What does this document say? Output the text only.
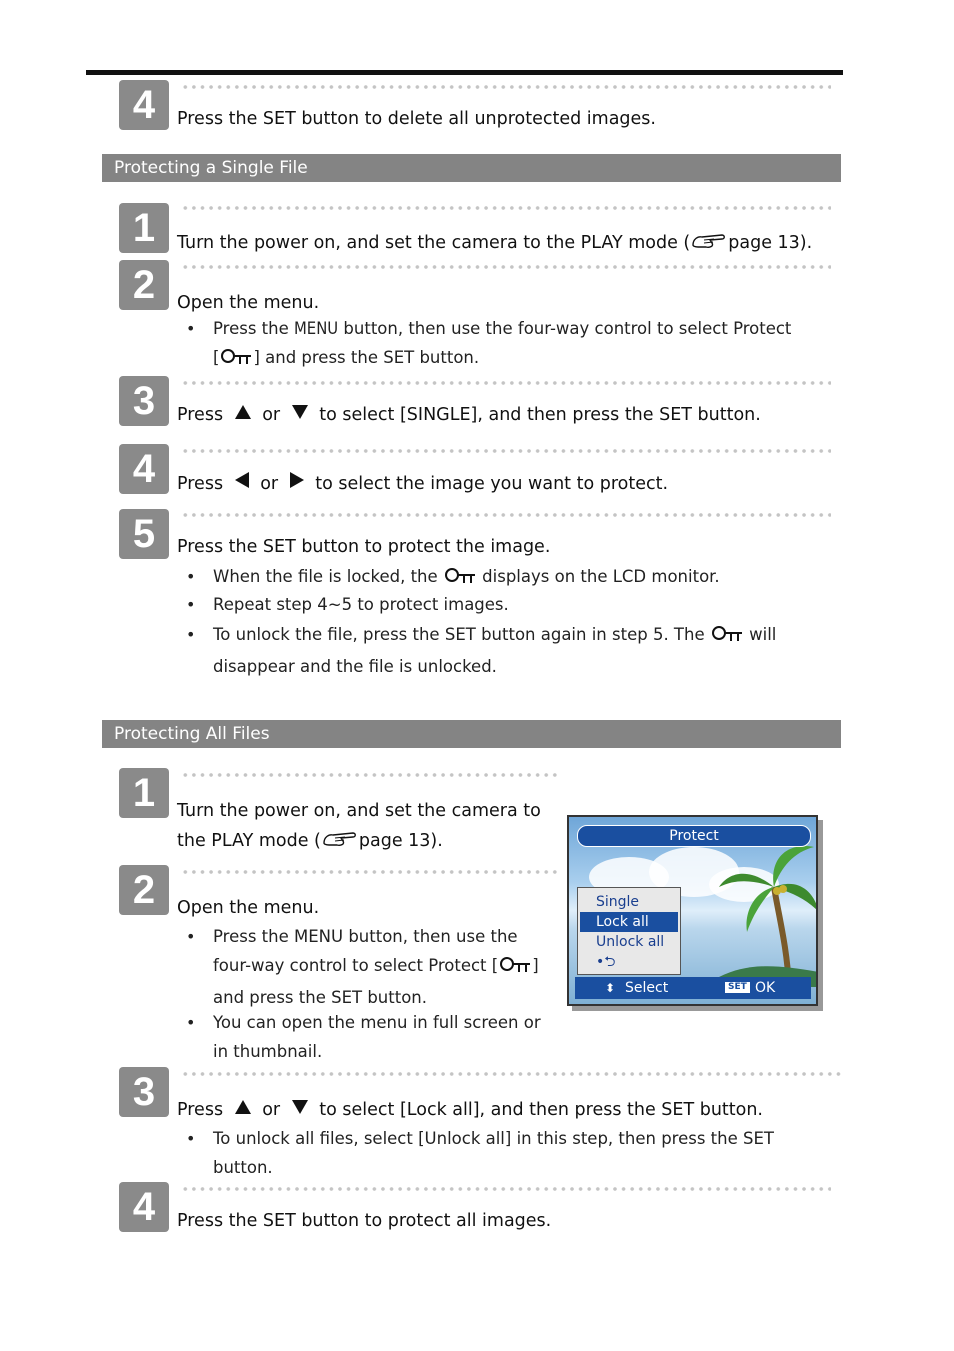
4	Press the SET button to delete all unprotected images.
Protecting a Single File
1	Turn the power on, and set the camera to the PLAY mode ( page 13).
2	Open the menu.
• Press the MENU button, then use the four-way control to select Protect
[ ] and press the SET button.
3	Press or to select [SINGLE], and then press the SET button.
4	Press or to select the image you want to protect.
5	Press the SET button to protect the image.
• When the file is locked, the	displays on the LCD monitor.
• Repeat step 4~5 to protect images.
• To unlock the file, press the SET button again in step 5. The	will
disappear and the file is unlocked.
Protecting All Files
1	Turn the power on, and set the camera to
the PLAY mode ( page 13).
2	Open the menu.
• Press the MENU button, then use the
four-way control to select Protect [ ]
and press the SET button.
• You can open the menu in full screen or
in thumbnail.
Protect
Single
Lock all
Unlock all
•⮌
⬍ Select	SET OK
3	Press or to select [Lock all], and then press the SET button.
• To unlock all files, select [Unlock all] in this step, then press the SET
button.
4	Press the SET button to protect all images.
